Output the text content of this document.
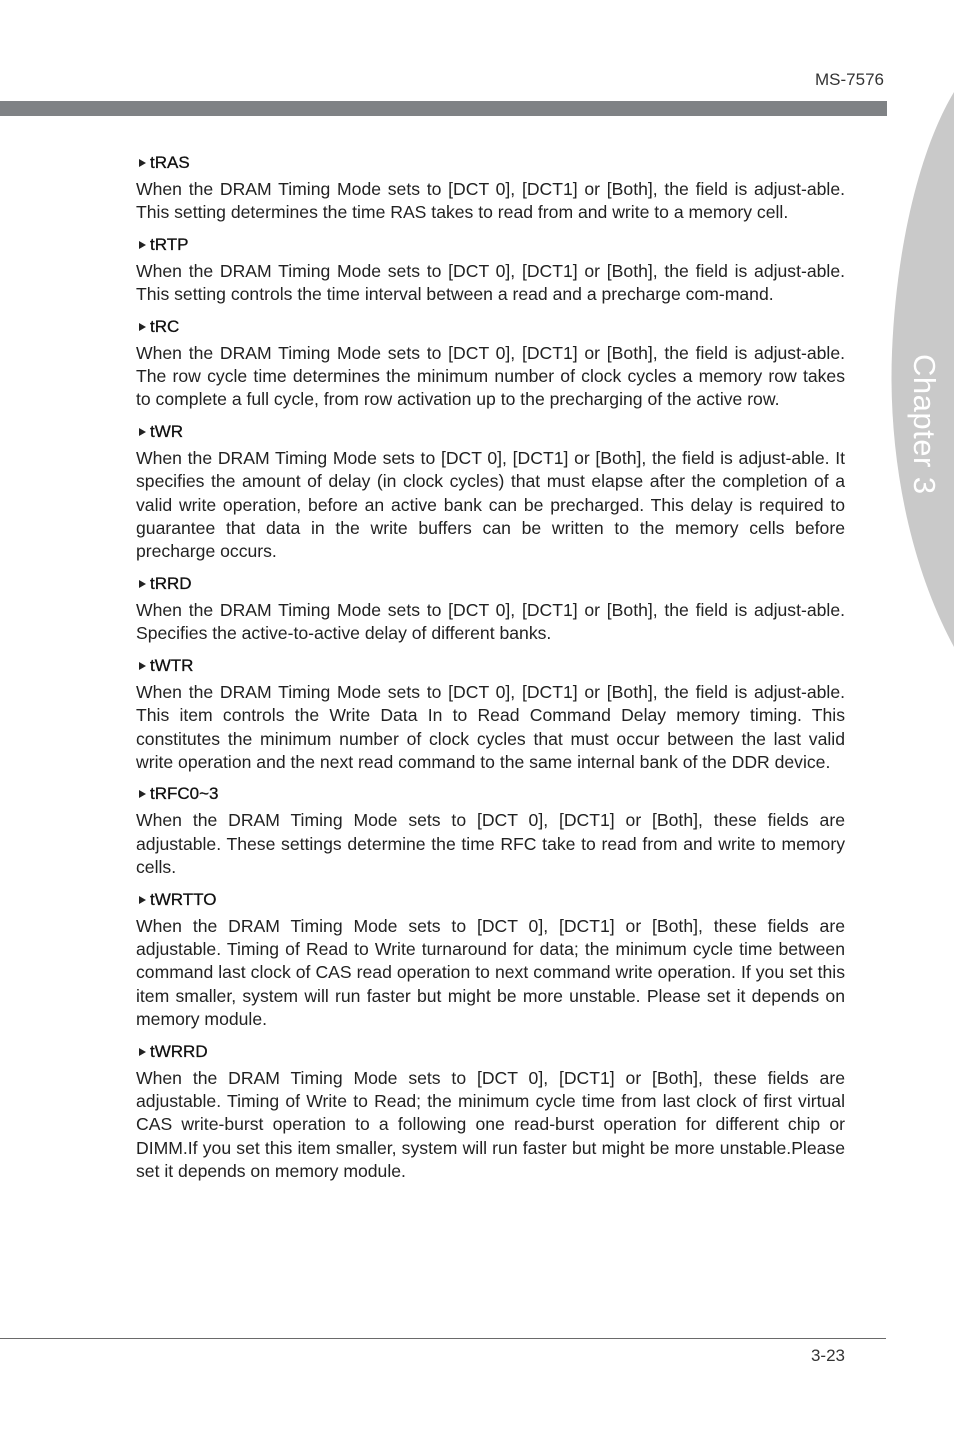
MS-7576
Chapter 3
tRAS

When the DRAM Timing Mode sets to [DCT 0], [DCT1] or [Both], the field is adjust-able. This setting determines the time RAS takes to read from and write to a memory cell.

tRTP

When the DRAM Timing Mode sets to [DCT 0], [DCT1] or [Both], the field is adjust-able. This setting controls the time interval between a read and a precharge com-mand.

tRC

When the DRAM Timing Mode sets to [DCT 0], [DCT1] or [Both], the field is adjust-able. The row cycle time determines the minimum number of clock cycles a memory row takes to complete a full cycle, from row activation up to the precharging of the active row.

tWR

When the DRAM Timing Mode sets to [DCT 0], [DCT1] or [Both], the field is adjust-able. It specifies the amount of delay (in clock cycles) that must elapse after the completion of a valid write operation, before an active bank can be precharged. This delay is required to guarantee that data in the write buffers can be written to the memory cells before precharge occurs.

tRRD

When the DRAM Timing Mode sets to [DCT 0], [DCT1] or [Both], the field is adjust-able. Specifies the active-to-active delay of different banks.

tWTR

When the DRAM Timing Mode sets to [DCT 0], [DCT1] or [Both], the field is adjust-able. This item controls the Write Data In to Read Command Delay memory timing. This constitutes the minimum number of clock cycles that must occur between the last valid write operation and the next read command to the same internal bank of the DDR device.

tRFC0~3

When the DRAM Timing Mode sets to [DCT 0], [DCT1] or [Both], these fields are adjustable. These settings determine the time RFC take to read from and write to memory cells.

tWRTTO

When the DRAM Timing Mode sets to [DCT 0], [DCT1] or [Both], these fields are adjustable. Timing of Read to Write turnaround for data; the minimum cycle time between command last clock of CAS read operation to next command write operation. If you set this item smaller, system will run faster but might be more unstable. Please set it depends on memory module.

tWRRD

When the DRAM Timing Mode sets to [DCT 0], [DCT1] or [Both], these fields are adjustable. Timing of Write to Read; the minimum cycle time from last clock of first virtual CAS write-burst operation to a following one read-burst operation for different chip or DIMM.If you set this item smaller, system will run faster but might be more unstable.Please set it depends on memory module.

3-23
